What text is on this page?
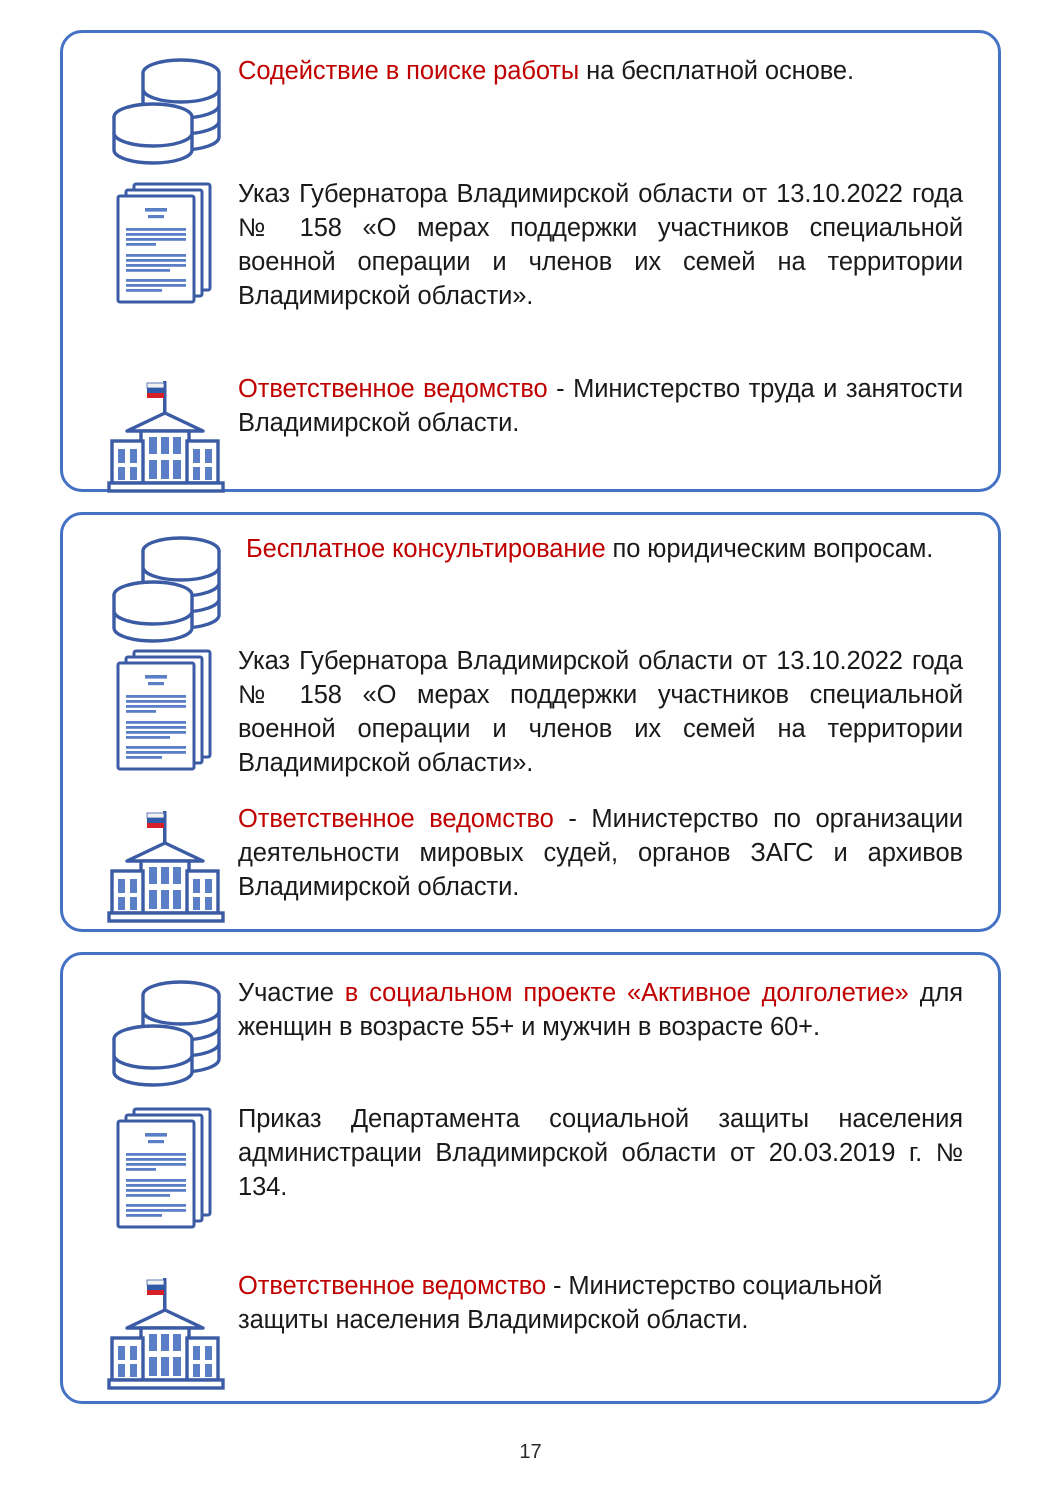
Содействие в поиске работы на бесплатной основе.
Указ Губернатора Владимирской области от 13.10.2022 года № 158 «О мерах поддержки участников специальной военной операции и членов их семей на территории Владимирской области».
Ответственное ведомство - Министерство труда и занятости Владимирской области.
Бесплатное консультирование по юридическим вопросам.
Указ Губернатора Владимирской области от 13.10.2022 года № 158 «О мерах поддержки участников специальной военной операции и членов их семей на территории Владимирской области».
Ответственное ведомство - Министерство по организации деятельности мировых судей, органов ЗАГС и архивов Владимирской области.
Участие в социальном проекте «Активное долголетие» для женщин в возрасте 55+ и мужчин в возрасте 60+.
Приказ Департамента социальной защиты населения администрации Владимирской области от 20.03.2019 г. № 134.
Ответственное ведомство - Министерство социальной защиты населения Владимирской области.
17
